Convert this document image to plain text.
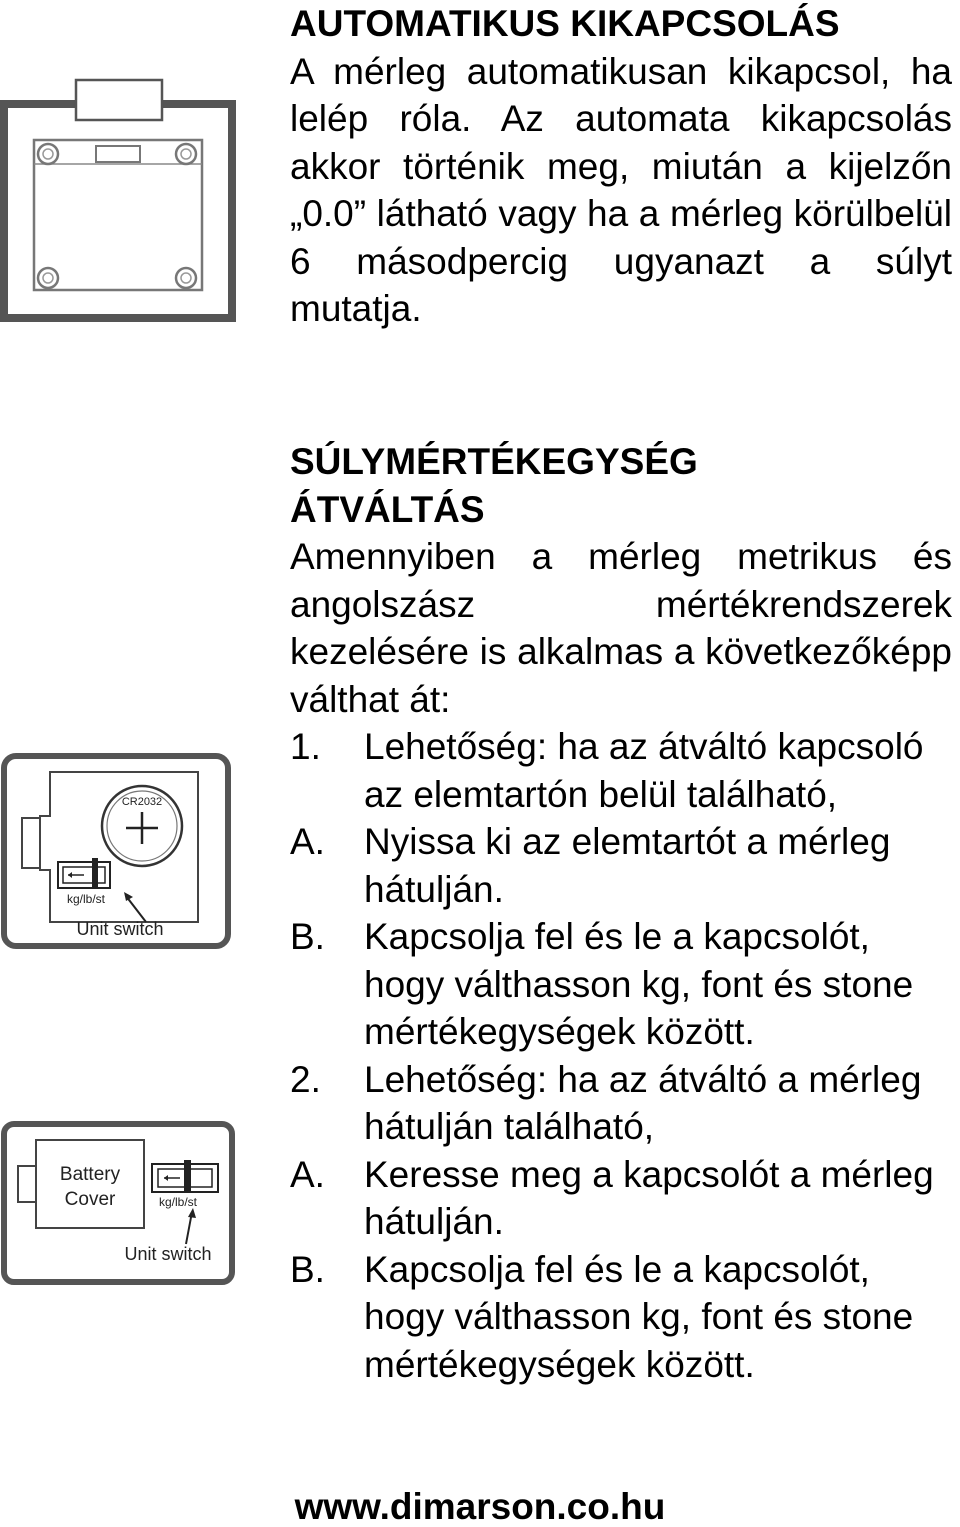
CR2032
kg/lb/st
Unit switch
Battery
Cover	kg/lb/st
Unit switch
AUTOMATIKUS KIKAPCSOLÁS
A mérleg automatikusan kikapcsol, ha lelép róla. Az automata kikapcsolás akkor történik meg, miután a kijelzőn „0.0” látható vagy ha a mérleg körülbelül 6 másodpercig ugyanazt a súlyt mutatja.
SÚLYMÉRTÉKEGYSÉG
ÁTVÁLTÁS
Amennyiben a mérleg metrikus és angolszász mértékrendszerek kezelésére is alkalmas a következőképp válthat át:
1. Lehetőség: ha az átváltó kapcsoló az elemtartón belül található,
A. Nyissa ki az elemtartót a mérleg hátulján.
B. Kapcsolja fel és le a kapcsolót, hogy válthasson kg, font és stone mértékegységek között.
2. Lehetőség: ha az átváltó a mérleg hátulján található,
A. Keresse meg a kapcsolót a mérleg hátulján.
B. Kapcsolja fel és le a kapcsolót, hogy válthasson kg, font és stone mértékegységek között.
www.dimarson.co.hu
